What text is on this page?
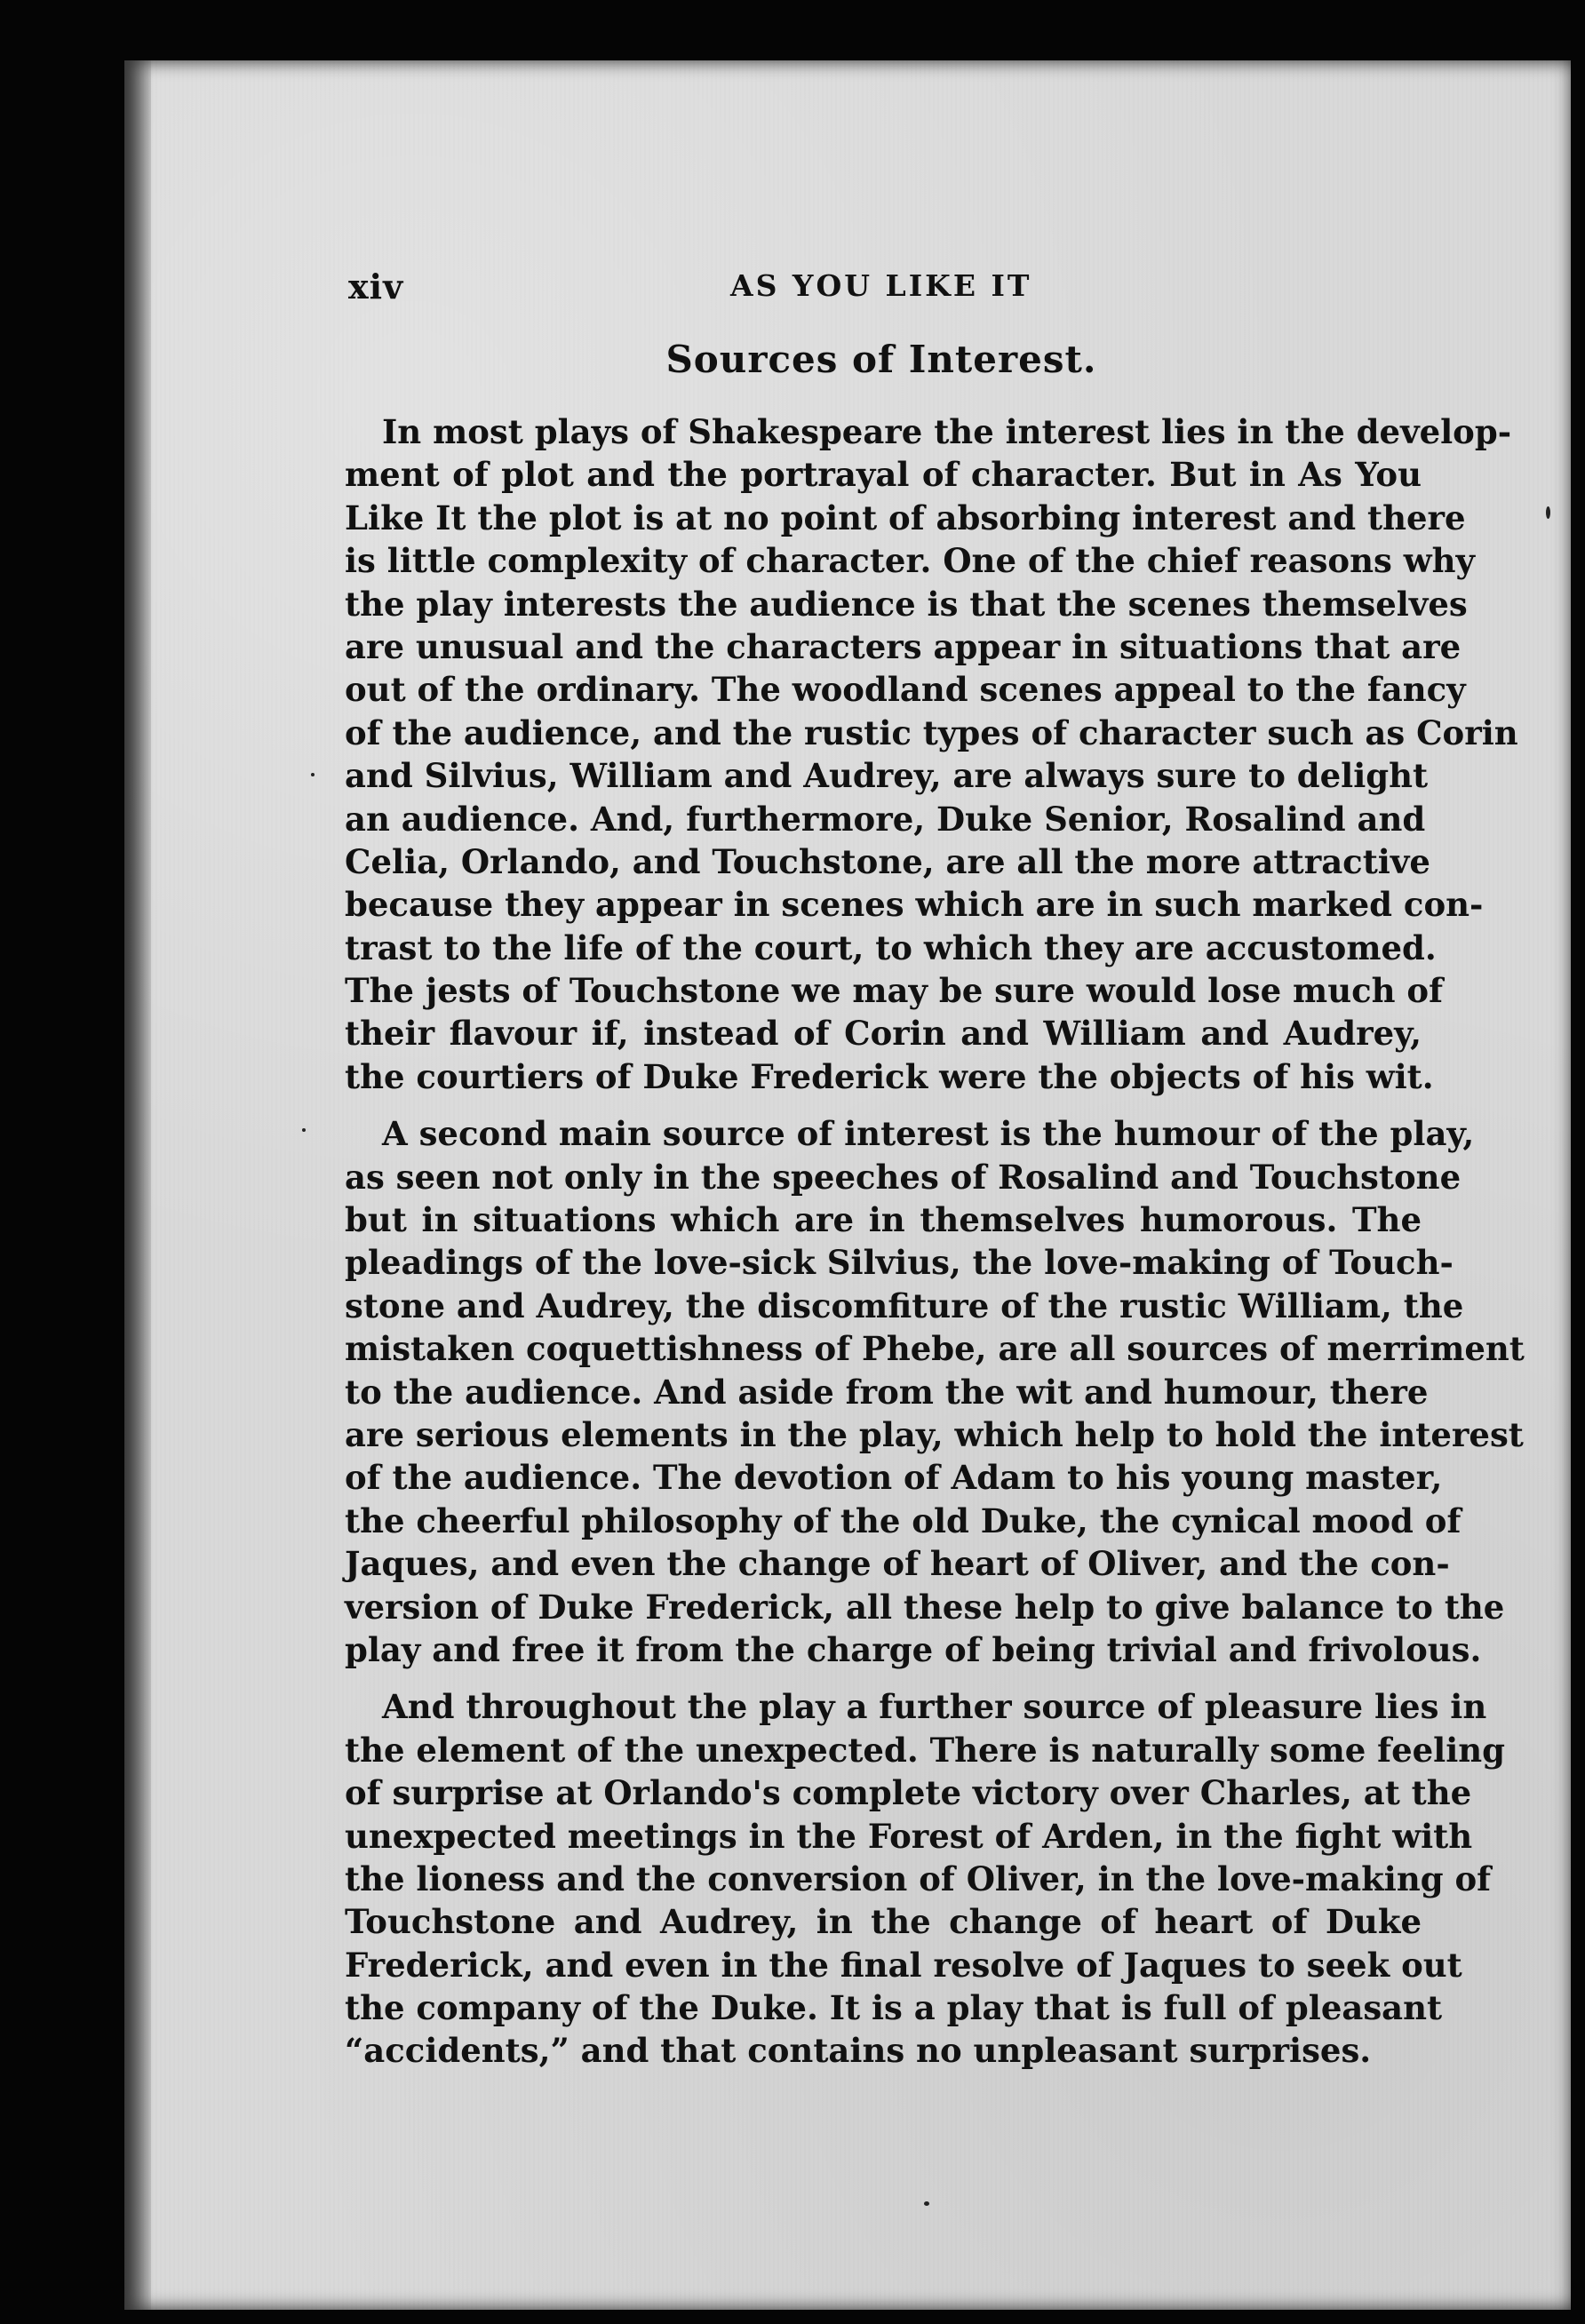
xiv	AS YOU LIKE IT
Sources of Interest.
In most plays of Shakespeare the interest lies in the develop-
ment of plot and the portrayal of character. But in As You
Like It the plot is at no point of absorbing interest and there
is little complexity of character. One of the chief reasons why
the play interests the audience is that the scenes themselves
are unusual and the characters appear in situations that are
out of the ordinary. The woodland scenes appeal to the fancy
of the audience, and the rustic types of character such as Corin
and Silvius, William and Audrey, are always sure to delight
an audience. And, furthermore, Duke Senior, Rosalind and
Celia, Orlando, and Touchstone, are all the more attractive
because they appear in scenes which are in such marked con-
trast to the life of the court, to which they are accustomed.
The jests of Touchstone we may be sure would lose much of
their flavour if, instead of Corin and William and Audrey,
the courtiers of Duke Frederick were the objects of his wit.
A second main source of interest is the humour of the play,
as seen not only in the speeches of Rosalind and Touchstone
but in situations which are in themselves humorous. The
pleadings of the love-sick Silvius, the love-making of Touch-
stone and Audrey, the discomfiture of the rustic William, the
mistaken coquettishness of Phebe, are all sources of merriment
to the audience. And aside from the wit and humour, there
are serious elements in the play, which help to hold the interest
of the audience. The devotion of Adam to his young master,
the cheerful philosophy of the old Duke, the cynical mood of
Jaques, and even the change of heart of Oliver, and the con-
version of Duke Frederick, all these help to give balance to the
play and free it from the charge of being trivial and frivolous.
And throughout the play a further source of pleasure lies in
the element of the unexpected. There is naturally some feeling
of surprise at Orlando's complete victory over Charles, at the
unexpected meetings in the Forest of Arden, in the fight with
the lioness and the conversion of Oliver, in the love-making of
Touchstone and Audrey, in the change of heart of Duke
Frederick, and even in the final resolve of Jaques to seek out
the company of the Duke. It is a play that is full of pleasant
“accidents,” and that contains no unpleasant surprises.
